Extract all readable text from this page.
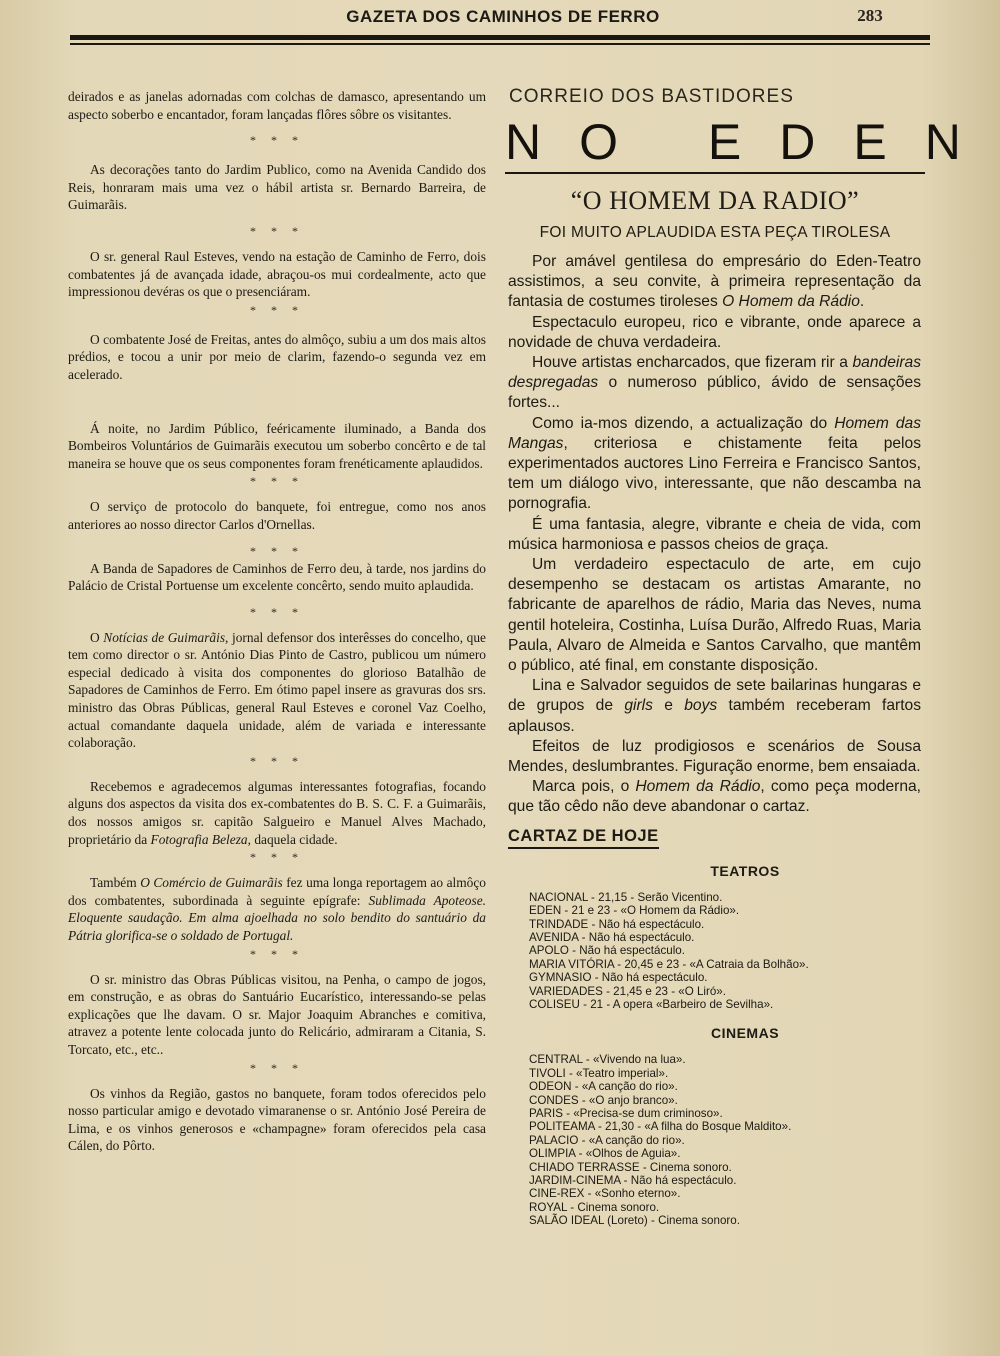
GAZETA DOS CAMINHOS DE FERRO	283

deirados e as janelas adornadas com colchas de damasco, apresentando um aspecto soberbo e encantador, foram lançadas flôres sôbre os visitantes.

* * *

As decorações tanto do Jardim Publico, como na Avenida Candido dos Reis, honraram mais uma vez o hábil artista sr. Bernardo Barreira, de Guimarãis.

* * *

O sr. general Raul Esteves, vendo na estação de Caminho de Ferro, dois combatentes já de avançada idade, abraçou-os mui cordealmente, acto que impressionou devéras os que o presenciáram.

* * *

O combatente José de Freitas, antes do almôço, subiu a um dos mais altos prédios, e tocou a unir por meio de clarim, fazendo-o segunda vez em acelerado.

Á noite, no Jardim Público, feéricamente iluminado, a Banda dos Bombeiros Voluntários de Guimarãis executou um soberbo concêrto e de tal maneira se houve que os seus componentes foram frenéticamente aplaudidos.

* * *

O serviço de protocolo do banquete, foi entregue, como nos anos anteriores ao nosso director Carlos d'Ornellas.

* * *

A Banda de Sapadores de Caminhos de Ferro deu, à tarde, nos jardins do Palácio de Cristal Portuense um excelente concêrto, sendo muito aplaudida.

* * *

O Notícias de Guimarãis, jornal defensor dos interêsses do concelho, que tem como director o sr. António Dias Pinto de Castro, publicou um número especial dedicado à visita dos componentes do glorioso Batalhão de Sapadores de Caminhos de Ferro. Em ótimo papel insere as gravuras dos srs. ministro das Obras Públicas, general Raul Esteves e coronel Vaz Coelho, actual comandante daquela unidade, além de variada e interessante colaboração.

* * *

Recebemos e agradecemos algumas interessantes fotografias, focando alguns dos aspectos da visita dos ex-combatentes do B. S. C. F. a Guimarãis, dos nossos amigos sr. capitão Salgueiro e Manuel Alves Machado, proprietário da Fotografia Beleza, daquela cidade.

* * *

Também O Comércio de Guimarãis fez uma longa reportagem ao almôço dos combatentes, subordinada à seguinte epígrafe: Sublimada Apoteose. Eloquente saudação. Em alma ajoelhada no solo bendito do santuário da Pátria glorifica-se o soldado de Portugal.

* * *

O sr. ministro das Obras Públicas visitou, na Penha, o campo de jogos, em construção, e as obras do Santuário Eucarístico, interessando-se pelas explicações que lhe davam. O sr. Major Joaquim Abranches e comitiva, atravez a potente lente colocada junto do Relicário, admiraram a Citania, S. Torcato, etc., etc..

* * *

Os vinhos da Região, gastos no banquete, foram todos oferecidos pelo nosso particular amigo e devotado vimaranense o sr. António José Pereira de Lima, e os vinhos generosos e «champagne» foram oferecidos pela casa Cálen, do Pôrto.

CORREIO DOS BASTIDORES
NO EDEN
“O HOMEM DA RADIO”
FOI MUITO APLAUDIDA ESTA PEÇA TIROLESA

Por amável gentilesa do empresário do Eden-Teatro assistimos, a seu convite, à primeira representação da fantasia de costumes tiroleses O Homem da Rádio.

Espectaculo europeu, rico e vibrante, onde aparece a novidade de chuva verdadeira.

Houve artistas encharcados, que fizeram rir a bandeiras despregadas o numeroso público, ávido de sensações fortes...

Como ia-mos dizendo, a actualização do Homem das Mangas, criteriosa e chistamente feita pelos experimentados auctores Lino Ferreira e Francisco Santos, tem um diálogo vivo, interessante, que não descamba na pornografia.

É uma fantasia, alegre, vibrante e cheia de vida, com música harmoniosa e passos cheios de graça.

Um verdadeiro espectaculo de arte, em cujo desempenho se destacam os artistas Amarante, no fabricante de aparelhos de rádio, Maria das Neves, numa gentil hoteleira, Costinha, Luísa Durão, Alfredo Ruas, Maria Paula, Alvaro de Almeida e Santos Carvalho, que mantêm o público, até final, em constante disposição.

Lina e Salvador seguidos de sete bailarinas hungaras e de grupos de girls e boys também receberam fartos aplausos.

Efeitos de luz prodigiosos e scenários de Sousa Mendes, deslumbrantes. Figuração enorme, bem ensaiada.

Marca pois, o Homem da Rádio, como peça moderna, que tão cêdo não deve abandonar o cartaz.

CARTAZ DE HOJE
TEATROS
NACIONAL - 21,15 - Serão Vicentino.
EDEN - 21 e 23 - «O Homem da Rádio».
TRINDADE - Não há espectáculo.
AVENIDA - Não há espectáculo.
APOLO - Não há espectáculo.
MARIA VITÓRIA - 20,45 e 23 - «A Catraia da Bolhão».
GYMNASIO - Não há espectáculo.
VARIEDADES - 21,45 e 23 - «O Liró».
COLISEU - 21 - A opera «Barbeiro de Sevilha».
CINEMAS
CENTRAL - «Vivendo na lua».
TIVOLI - «Teatro imperial».
ODEON - «A canção do rio».
CONDES - «O anjo branco».
PARIS - «Precisa-se dum criminoso».
POLITEAMA - 21,30 - «A filha do Bosque Maldito».
PALACIO - «A canção do rio».
OLIMPIA - «Olhos de Aguia».
CHIADO TERRASSE - Cinema sonoro.
JARDIM-CINEMA - Não há espectáculo.
CINE-REX - «Sonho eterno».
ROYAL - Cinema sonoro.
SALÃO IDEAL (Loreto) - Cinema sonoro.
